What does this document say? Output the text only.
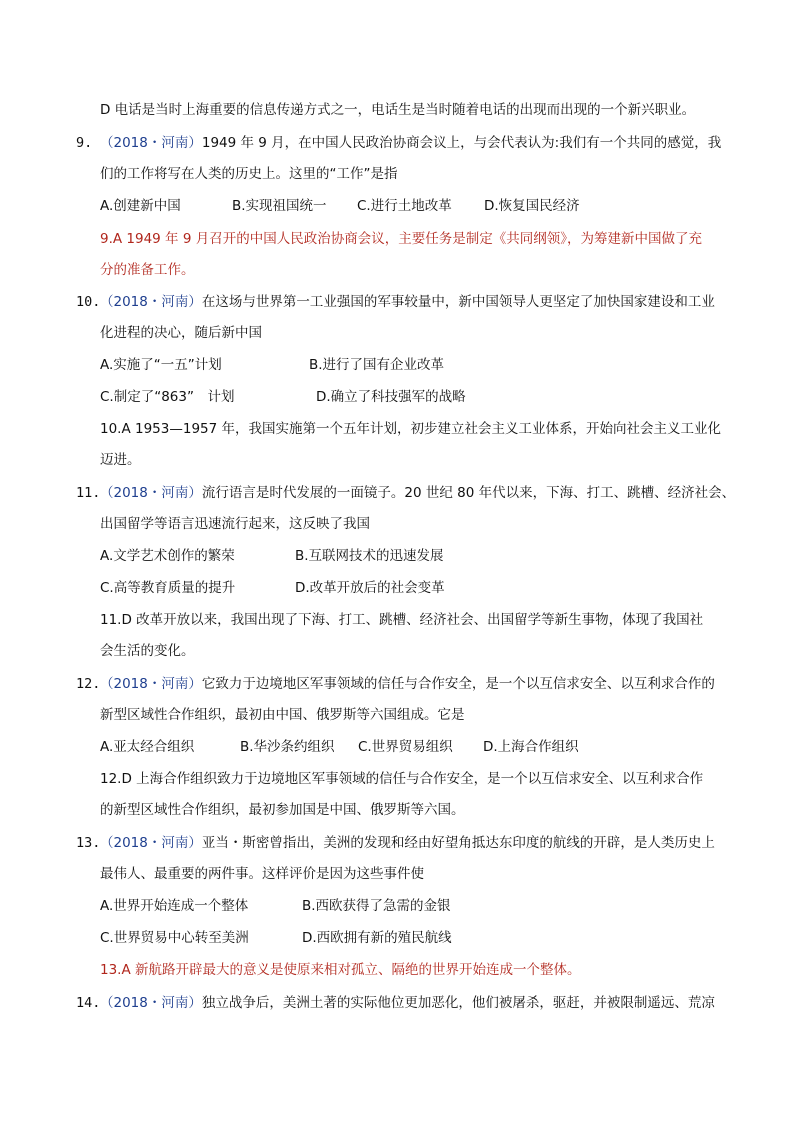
D 电话是当时上海重要的信息传递方式之一，电话生是当时随着电话的出现而出现的一个新兴职业。
9. （2018・河南）1949 年 9 月，在中国人民政治协商会议上，与会代表认为:我们有一个共同的感觉，我
们的工作将写在人类的历史上。这里的“工作”是指
A.创建新中国	B.实现祖国统一 C.进行土地改革 D.恢复国民经济
9.A 1949 年 9 月召开的中国人民政治协商会议，主要任务是制定《共同纲领》，为筹建新中国做了充
分的准备工作。
10. （2018・河南）在这场与世界第一工业强国的军事较量中，新中国领导人更坚定了加快国家建设和工业
化进程的决心，随后新中国
A.实施了“一五”计划	B.进行了国有企业改革
C.制定了“863”　计划	D.确立了科技强军的战略
10.A 1953—1957 年，我国实施第一个五年计划，初步建立社会主义工业体系，开始向社会主义工业化
迈进。
11. （2018・河南）流行语言是时代发展的一面镜子。20 世纪 80 年代以来，下海、打工、跳槽、经济社会、
出国留学等语言迅速流行起来，这反映了我国
A.文学艺术创作的繁荣	B.互联网技术的迅速发展
C.高等教育质量的提升	D.改革开放后的社会变革
11.D 改革开放以来，我国出现了下海、打工、跳槽、经济社会、出国留学等新生事物，体现了我国社
会生活的变化。
12. （2018・河南）它致力于边境地区军事领域的信任与合作安全，是一个以互信求安全、以互利求合作的
新型区域性合作组织，最初由中国、俄罗斯等六国组成。它是
A.亚太经合组织	B.华沙条约组织 C.世界贸易组织 D.上海合作组织
12.D 上海合作组织致力于边境地区军事领域的信任与合作安全，是一个以互信求安全、以互利求合作
的新型区域性合作组织，最初参加国是中国、俄罗斯等六国。
13. （2018・河南）亚当・斯密曾指出，美洲的发现和经由好望角抵达东印度的航线的开辟，是人类历史上
最伟人、最重要的两件事。这样评价是因为这些事件使
A.世界开始连成一个整体	B.西欧获得了急需的金银
C.世界贸易中心转至美洲	D.西欧拥有新的殖民航线
13.A 新航路开辟最大的意义是使原来相对孤立、隔绝的世界开始连成一个整体。
14. （2018・河南）独立战争后，美洲土著的实际他位更加恶化，他们被屠杀，驱赶，并被限制遥远、荒凉
